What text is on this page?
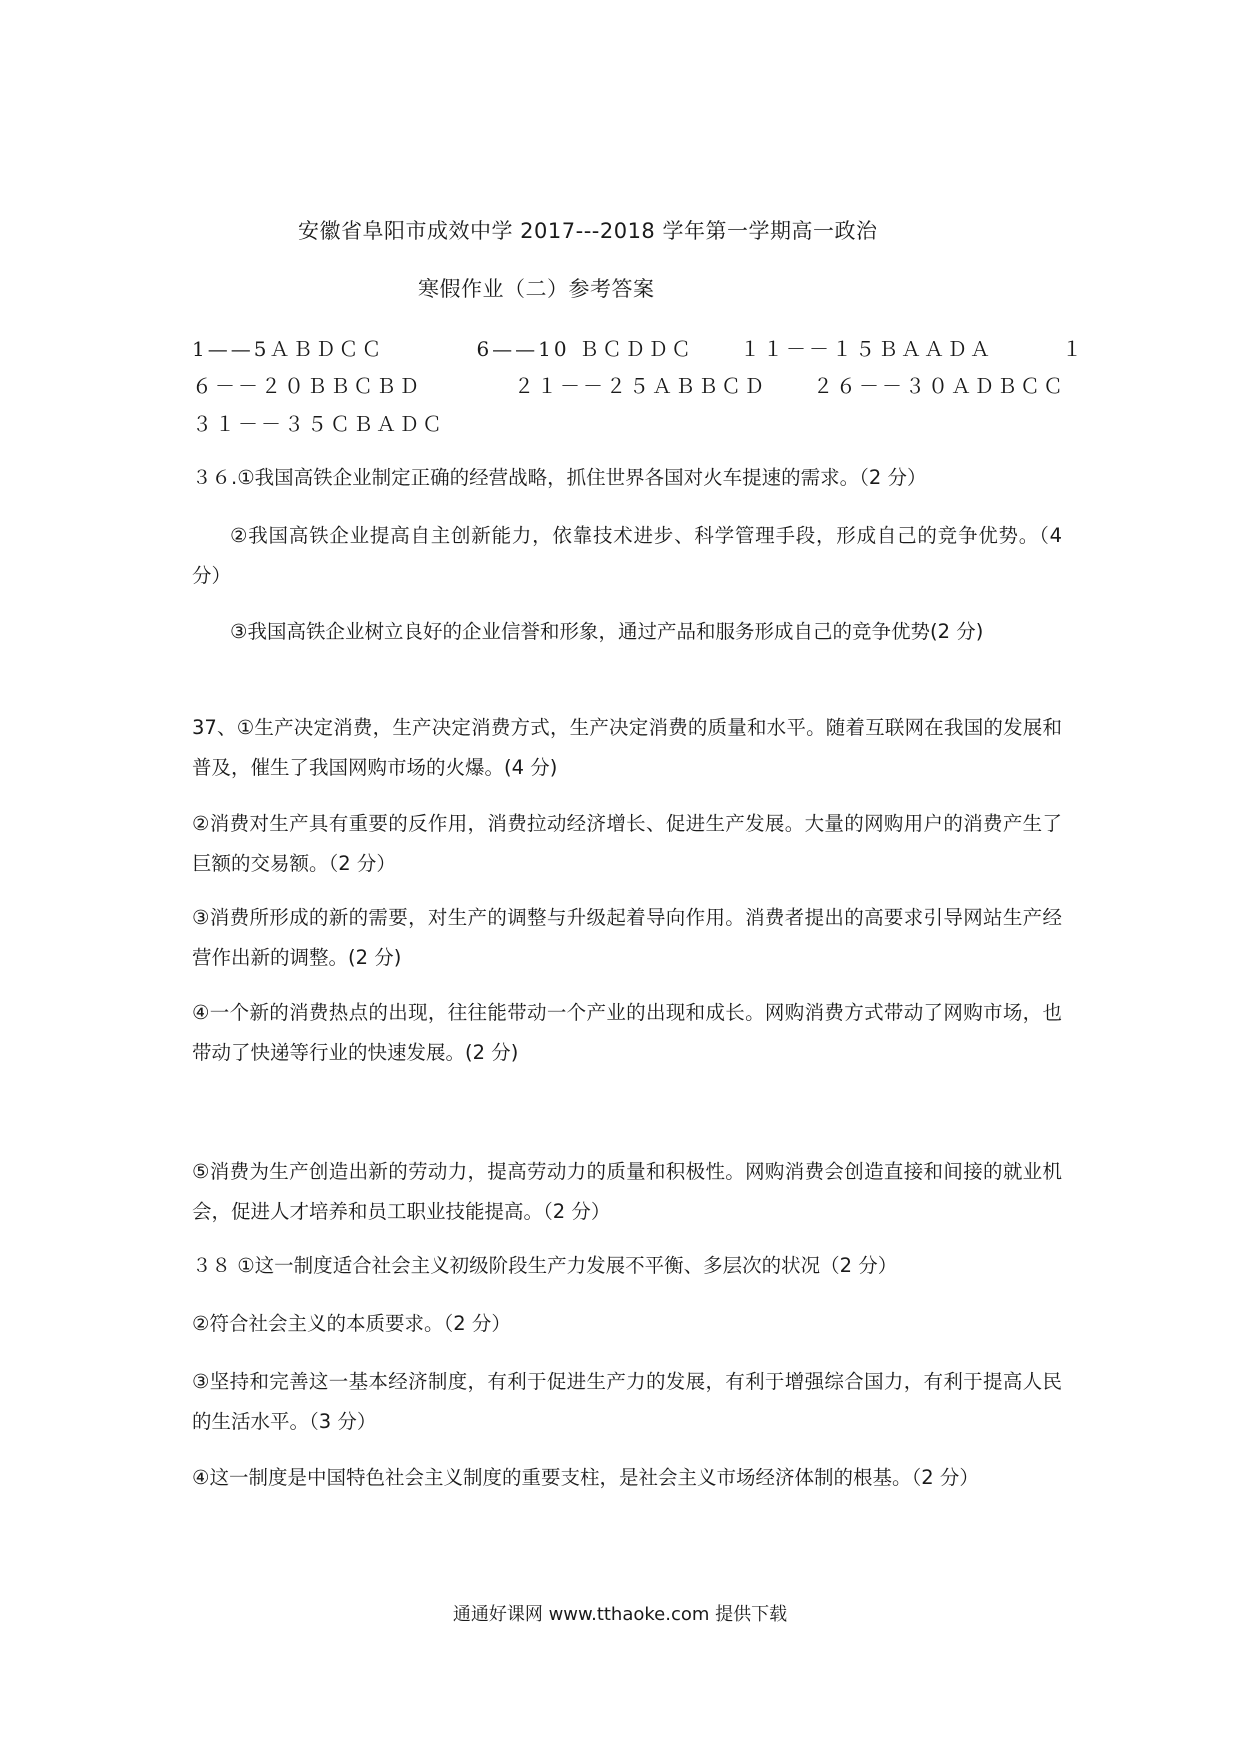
安徽省阜阳市成效中学 2017---2018 学年第一学期高一政治
寒假作业（二）参考答案
1——5ＡＢＤＣＣ　　　　6——10 ＢＣＤＤＣ　　１１－－１５ＢＡＡＤＡ　　　１
６－－２０ＢＢＣＢＤ　　　　２１－－２５ＡＢＢＣＤ　　２６－－３０ＡＤＢＣＣ
３１－－３５ＣＢＡＤＣ
３６.①我国高铁企业制定正确的经营战略，抓住世界各国对火车提速的需求。（2 分）
②我国高铁企业提高自主创新能力，依靠技术进步、科学管理手段，形成自己的竞争优势。（4 分）
③我国高铁企业树立良好的企业信誉和形象，通过产品和服务形成自己的竞争优势(2 分)
37、①生产决定消费，生产决定消费方式，生产决定消费的质量和水平。随着互联网在我国的发展和普及，催生了我国网购市场的火爆。(4 分)
②消费对生产具有重要的反作用，消费拉动经济增长、促进生产发展。大量的网购用户的消费产生了巨额的交易额。（2 分）
③消费所形成的新的需要，对生产的调整与升级起着导向作用。消费者提出的高要求引导网站生产经营作出新的调整。(2 分)
④一个新的消费热点的出现，往往能带动一个产业的出现和成长。网购消费方式带动了网购市场，也带动了快递等行业的快速发展。(2 分)
⑤消费为生产创造出新的劳动力，提高劳动力的质量和积极性。网购消费会创造直接和间接的就业机会，促进人才培养和员工职业技能提高。（2 分）
３８ ①这一制度适合社会主义初级阶段生产力发展不平衡、多层次的状况（2 分）
②符合社会主义的本质要求。（2 分）
③坚持和完善这一基本经济制度，有利于促进生产力的发展，有利于增强综合国力，有利于提高人民的生活水平。（3 分）
④这一制度是中国特色社会主义制度的重要支柱，是社会主义市场经济体制的根基。（2 分）
通通好课网 www.tthaoke.com 提供下载
